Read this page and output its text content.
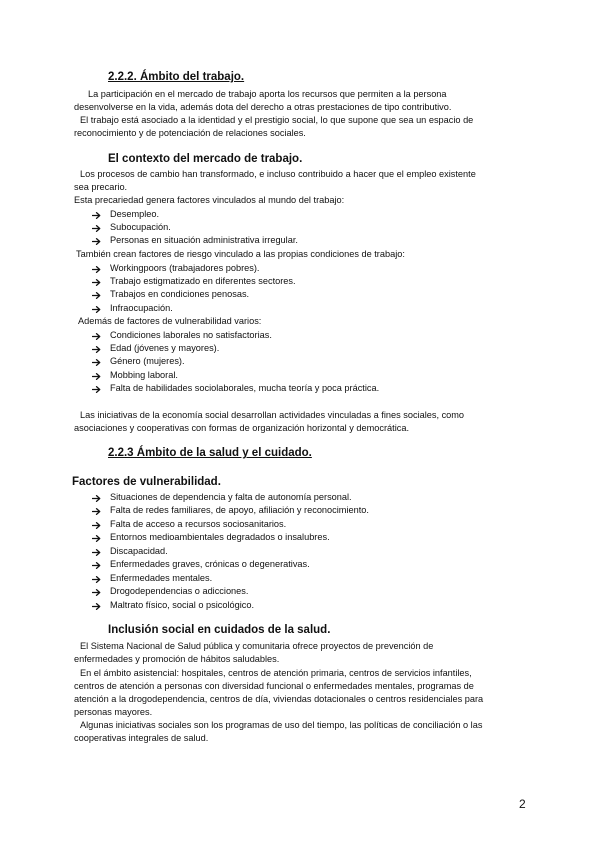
2.2.2. Ámbito del trabajo.
La participación en el mercado de trabajo aporta los recursos que permiten a la persona
desenvolverse en la vida, además dota del derecho a otras prestaciones de tipo contributivo.
El trabajo está asociado a la identidad y el prestigio social, lo que supone que sea un espacio de
reconocimiento y de potenciación de relaciones sociales.
El contexto del mercado de trabajo.
Los procesos de cambio han transformado, e incluso contribuido a hacer que el empleo existente
sea precario.
Esta precariedad genera factores vinculados al mundo del trabajo:
Desempleo.
Subocupación.
Personas en situación administrativa irregular.
También crean factores de riesgo vinculado a las propias condiciones de trabajo:
Workingpoors (trabajadores pobres).
Trabajo estigmatizado en diferentes sectores.
Trabajos en condiciones penosas.
Infraocupación.
Además de factores de vulnerabilidad varios:
Condiciones laborales no satisfactorias.
Edad (jóvenes y mayores).
Género (mujeres).
Mobbing laboral.
Falta de habilidades sociolaborales, mucha teoría y poca práctica.
Las iniciativas de la economía social desarrollan actividades vinculadas a fines sociales, como
asociaciones y cooperativas con formas de organización horizontal y democrática.
2.2.3 Ámbito de la salud y el cuidado.
Factores de vulnerabilidad.
Situaciones de dependencia y falta de autonomía personal.
Falta de redes familiares, de apoyo, afiliación y reconocimiento.
Falta de acceso a recursos sociosanitarios.
Entornos medioambientales degradados o insalubres.
Discapacidad.
Enfermedades graves, crónicas o degenerativas.
Enfermedades mentales.
Drogodependencias o adicciones.
Maltrato físico, social o psicológico.
Inclusión social en cuidados de la salud.
El Sistema Nacional de Salud pública y comunitaria ofrece proyectos de prevención de
enfermedades y promoción de hábitos saludables.
En el ámbito asistencial: hospitales, centros de atención primaria, centros de servicios infantiles,
centros de atención a personas con diversidad funcional o enfermedades mentales, programas de
atención a la drogodependencia, centros de día, viviendas dotacionales o centros residenciales para
personas mayores.
Algunas iniciativas sociales son los programas de uso del tiempo, las políticas de conciliación o las
cooperativas integrales de salud.
2
